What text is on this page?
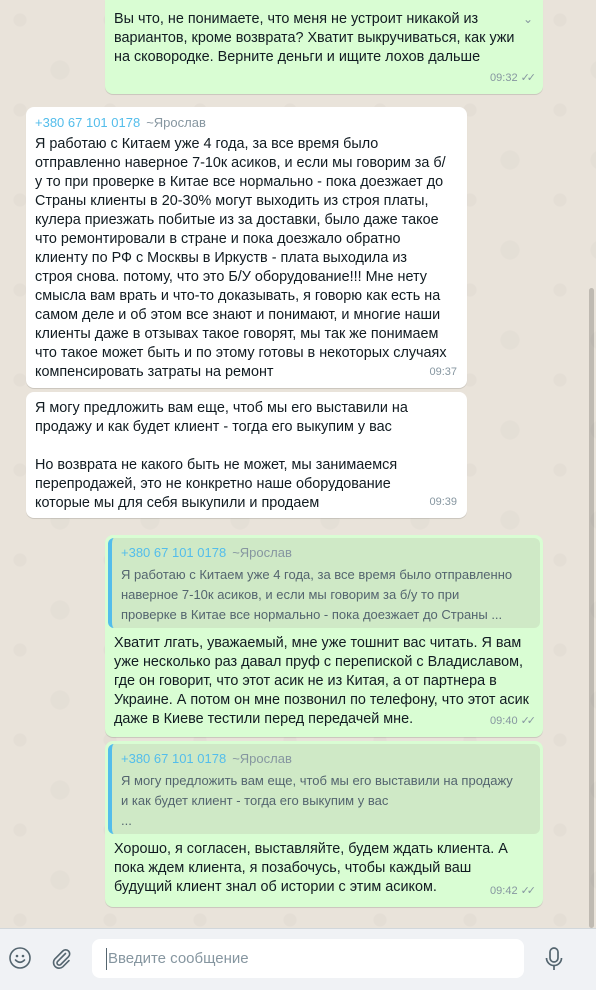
⌄
Вы что, не понимаете, что меня не устроит никакой из
вариантов, кроме возврата? Хватит выкручиваться, как ужи
на сковородке. Верните деньги и ищите лохов дальше
09:32 ✓✓
+380 67 101 0178 ~Ярослав
Я работаю с Китаем уже 4 года, за все время было
отправленно наверное 7-10к асиков, и если мы говорим за б/
у то при проверке в Китае все нормально - пока доезжает до
Страны клиенты в 20-30% могут выходить из строя платы,
кулера приезжать побитые из за доставки, было даже такое
что ремонтировали в стране и пока доезжало обратно
клиенту по РФ с Москвы в Иркуств - плата выходила из
строя снова. потому, что это Б/У оборудование!!! Мне нету
смысла вам врать и что-то доказывать, я говорю как есть на
самом деле и об этом все знают и понимают, и многие наши
клиенты даже в отзывах такое говорят, мы так же понимаем
что такое может быть и по этому готовы в некоторых случаях
компенсировать затраты на ремонт	09:37
Я могу предложить вам еще, чтоб мы его выставили на
продажу и как будет клиент - тогда его выкупим у вас

Но возврата не какого быть не может, мы занимаемся
перепродажей, это не конкретно наше оборудование
которые мы для себя выкупили и продаем	09:39
+380 67 101 0178 ~Ярослав
Я работаю с Китаем уже 4 года, за все время было отправленно
наверное 7-10к асиков, и если мы говорим за б/у то при
проверке в Китае все нормально - пока доезжает до Страны ...
Хватит лгать, уважаемый, мне уже тошнит вас читать. Я вам
уже несколько раз давал пруф с перепиской с Владиславом,
где он говорит, что этот асик не из Китая, а от партнера в
Украине. А потом он мне позвонил по телефону, что этот асик
даже в Киеве тестили перед передачей мне.	09:40 ✓✓
+380 67 101 0178 ~Ярослав
Я могу предложить вам еще, чтоб мы его выставили на продажу
и как будет клиент - тогда его выкупим у вас
...
Хорошо, я согласен, выставляйте, будем ждать клиента. А
пока ждем клиента, я позабочусь, чтобы каждый ваш
будущий клиент знал об истории с этим асиком.	09:42 ✓✓
Введите сообщение
